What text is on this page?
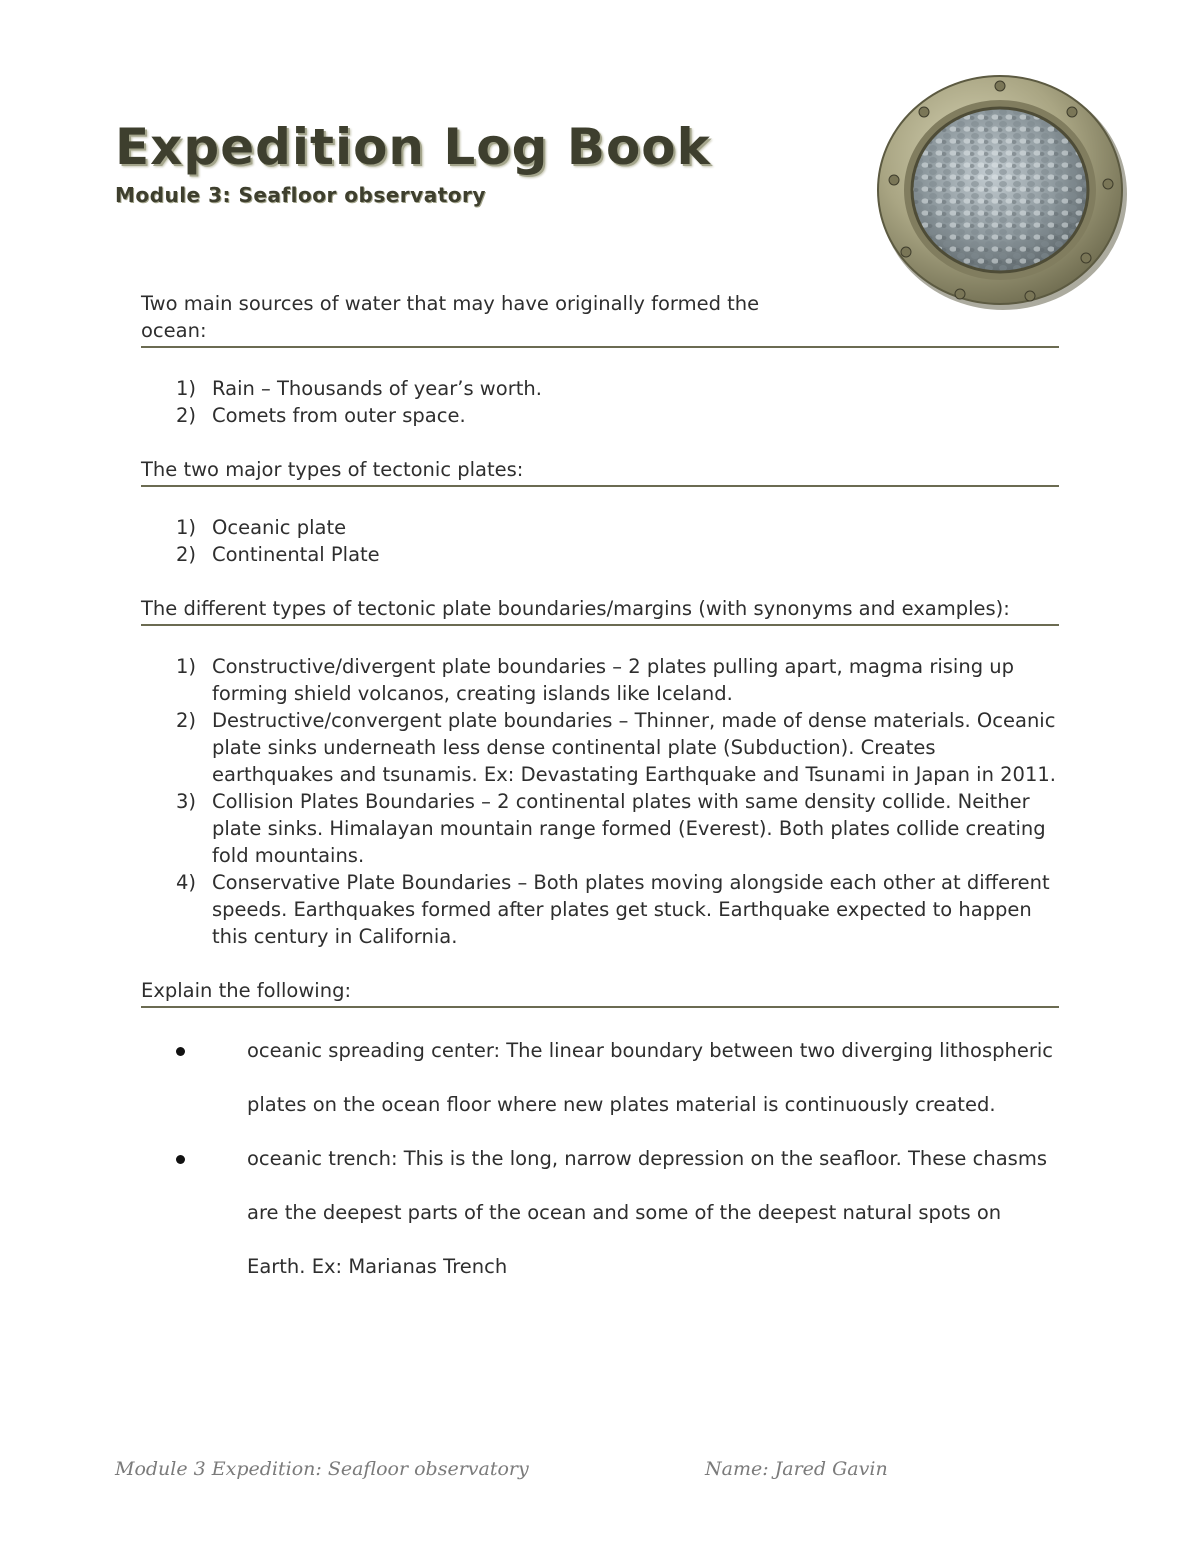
Expedition Log Book
Module 3: Seafloor observatory

Two main sources of water that may have originally formed the ocean:

1) Rain – Thousands of year’s worth.
2) Comets from outer space.

The two major types of tectonic plates:

1) Oceanic plate
2) Continental Plate

The different types of tectonic plate boundaries/margins (with synonyms and examples):

1) Constructive/divergent plate boundaries – 2 plates pulling apart, magma rising up forming shield volcanos, creating islands like Iceland.
2) Destructive/convergent plate boundaries – Thinner, made of dense materials. Oceanic plate sinks underneath less dense continental plate (Subduction). Creates earthquakes and tsunamis. Ex: Devastating Earthquake and Tsunami in Japan in 2011.
3) Collision Plates Boundaries – 2 continental plates with same density collide. Neither plate sinks. Himalayan mountain range formed (Everest). Both plates collide creating fold mountains.
4) Conservative Plate Boundaries – Both plates moving alongside each other at different speeds. Earthquakes formed after plates get stuck. Earthquake expected to happen this century in California.

Explain the following:

oceanic spreading center: The linear boundary between two diverging lithospheric plates on the ocean floor where new plates material is continuously created.
oceanic trench: This is the long, narrow depression on the seafloor. These chasms are the deepest parts of the ocean and some of the deepest natural spots on Earth. Ex: Marianas Trench
Module 3 Expedition: Seafloor observatory	Name: Jared Gavin
